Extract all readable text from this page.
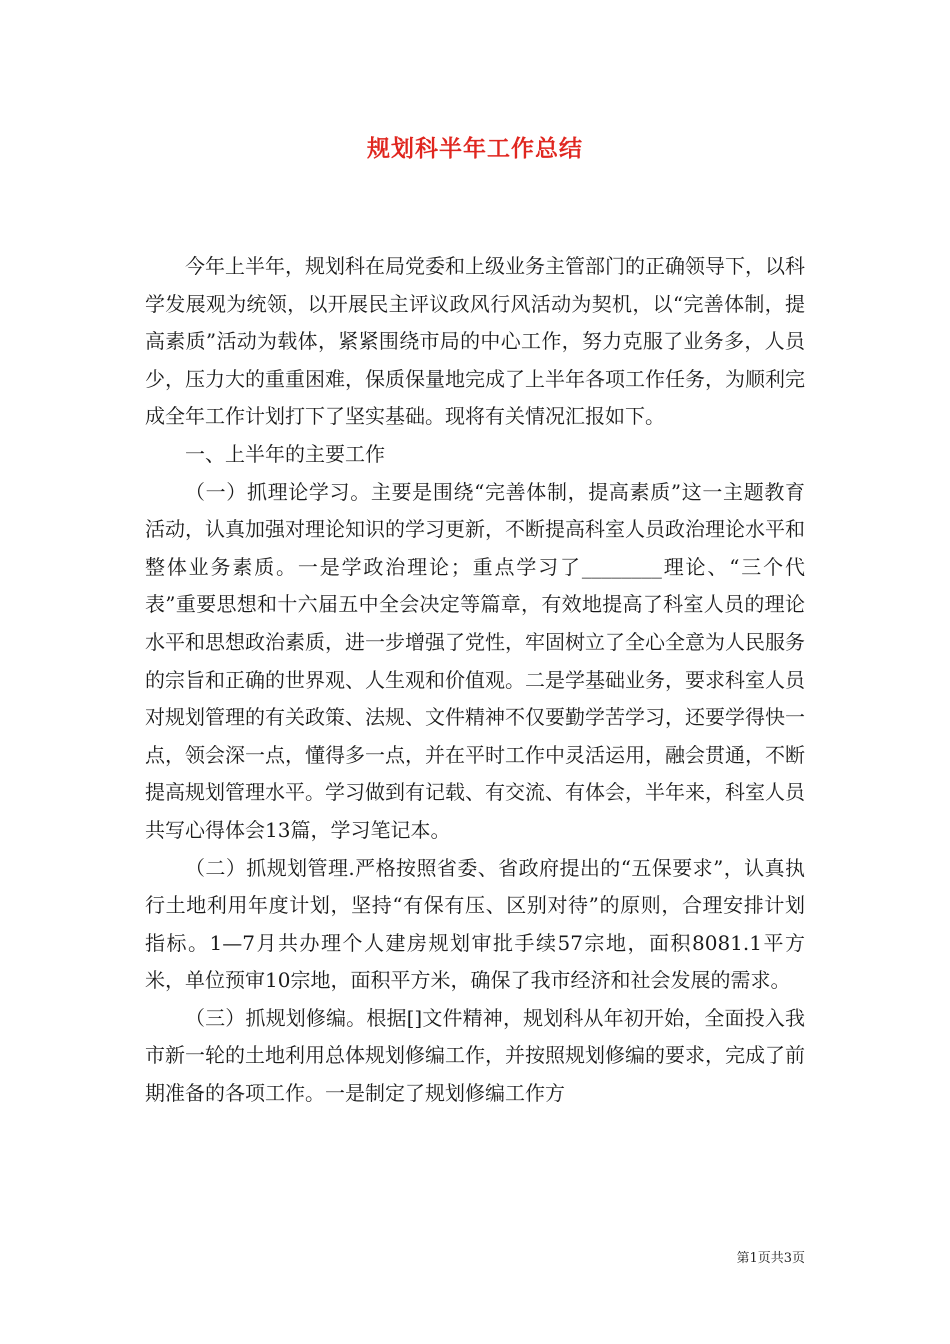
规划科半年工作总结

今年上半年，规划科在局党委和上级业务主管部门的正确领导下，以科学发展观为统领，以开展民主评议政风行风活动为契机，以“完善体制，提高素质”活动为载体，紧紧围绕市局的中心工作，努力克服了业务多，人员少，压力大的重重困难，保质保量地完成了上半年各项工作任务，为顺利完成全年工作计划打下了坚实基础。现将有关情况汇报如下。

一、上半年的主要工作

（一）抓理论学习。主要是围绕“完善体制，提高素质”这一主题教育活动，认真加强对理论知识的学习更新，不断提高科室人员政治理论水平和整体业务素质。一是学政治理论；重点学习了________理论、“三个代表”重要思想和十六届五中全会决定等篇章，有效地提高了科室人员的理论水平和思想政治素质，进一步增强了党性，牢固树立了全心全意为人民服务的宗旨和正确的世界观、人生观和价值观。二是学基础业务，要求科室人员对规划管理的有关政策、法规、文件精神不仅要勤学苦学习，还要学得快一点，领会深一点，懂得多一点，并在平时工作中灵活运用，融会贯通，不断提高规划管理水平。学习做到有记载、有交流、有体会，半年来，科室人员共写心得体会13篇，学习笔记本。

（二）抓规划管理.严格按照省委、省政府提出的“五保要求”，认真执行土地利用年度计划，坚持“有保有压、区别对待”的原则，合理安排计划指标。1—7月共办理个人建房规划审批手续57宗地，面积8081.1平方米，单位预审10宗地，面积平方米，确保了我市经济和社会发展的需求。

（三）抓规划修编。根据[]文件精神，规划科从年初开始，全面投入我市新一轮的土地利用总体规划修编工作，并按照规划修编的要求，完成了前期准备的各项工作。一是制定了规划修编工作方

第1页共3页
